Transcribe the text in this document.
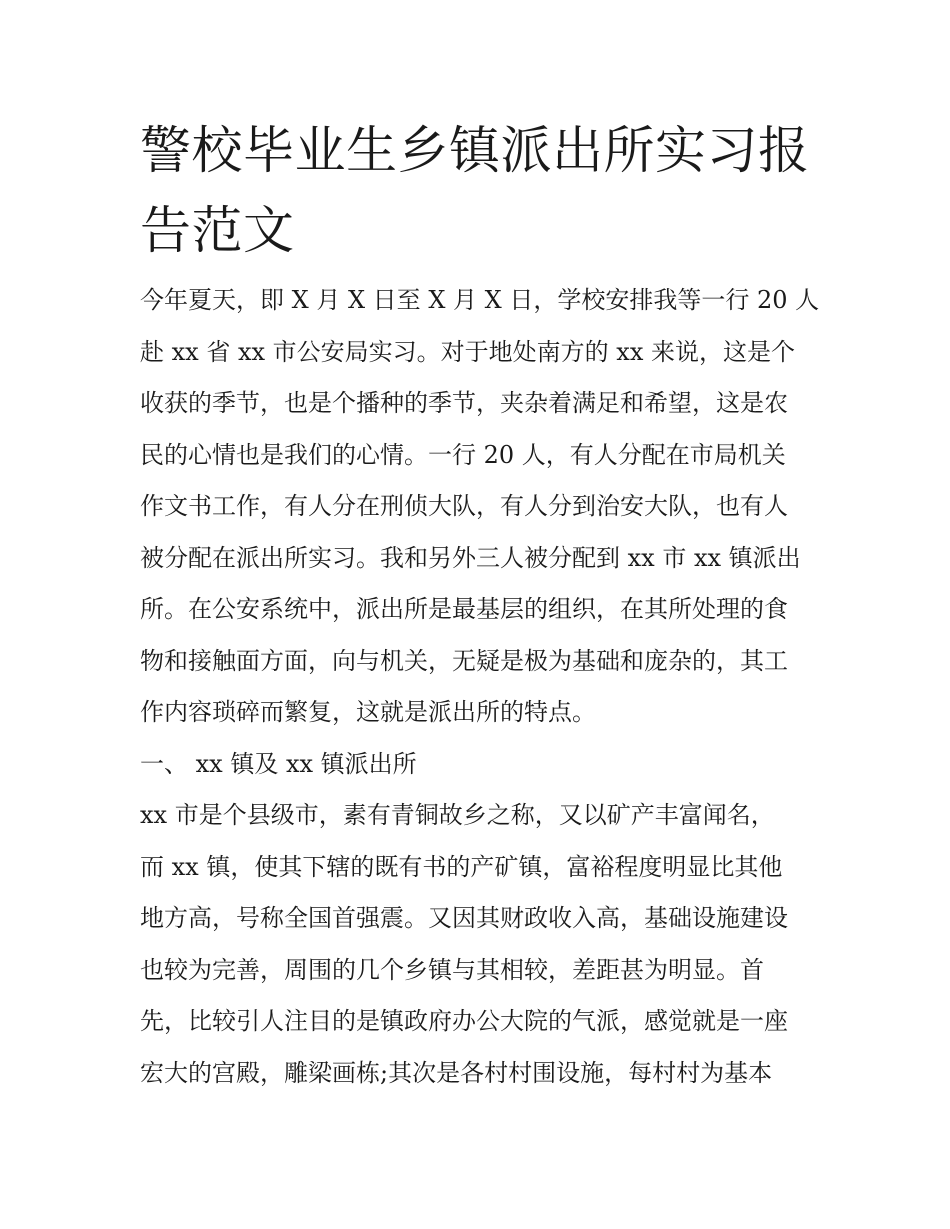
警校毕业生乡镇派出所实习报
告范文
今年夏天，即 X 月 X 日至 X 月 X 日，学校安排我等一行 20 人
赴 xx 省 xx 市公安局实习。对于地处南方的 xx 来说，这是个
收获的季节，也是个播种的季节，夹杂着满足和希望，这是农
民的心情也是我们的心情。一行 20 人，有人分配在市局机关
作文书工作，有人分在刑侦大队，有人分到治安大队，也有人
被分配在派出所实习。我和另外三人被分配到 xx 市 xx 镇派出
所。在公安系统中，派出所是最基层的组织，在其所处理的食
物和接触面方面，向与机关，无疑是极为基础和庞杂的，其工
作内容琐碎而繁复，这就是派出所的特点。
一、 xx 镇及 xx 镇派出所
xx 市是个县级市，素有青铜故乡之称，又以矿产丰富闻名，
而 xx 镇，使其下辖的既有书的产矿镇，富裕程度明显比其他
地方高，号称全国首强震。又因其财政收入高，基础设施建设
也较为完善，周围的几个乡镇与其相较，差距甚为明显。首
先，比较引人注目的是镇政府办公大院的气派，感觉就是一座
宏大的宫殿，雕梁画栋;其次是各村村围设施，每村村为基本
